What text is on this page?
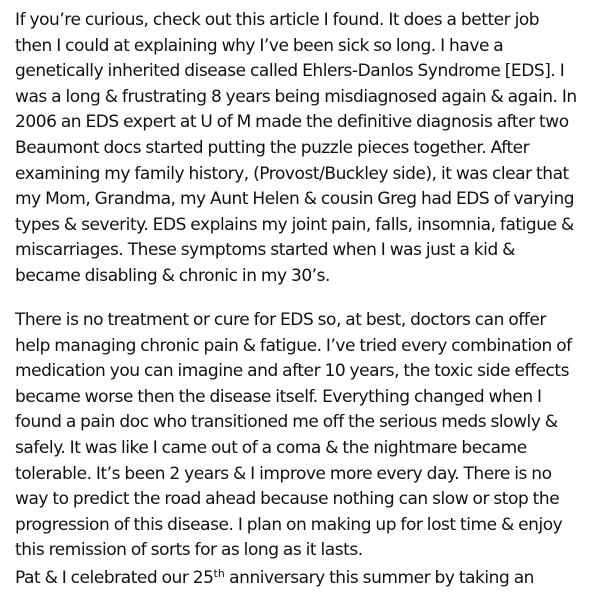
If you’re curious, check out this article I found. It does a better job
then I could at explaining why I’ve been sick so long. I have a
genetically inherited disease called Ehlers-Danlos Syndrome [EDS]. I
was a long & frustrating 8 years being misdiagnosed again & again. In
2006 an EDS expert at U of M made the definitive diagnosis after two
Beaumont docs started putting the puzzle pieces together. After
examining my family history, (Provost/Buckley side), it was clear that
my Mom, Grandma, my Aunt Helen & cousin Greg had EDS of varying
types & severity. EDS explains my joint pain, falls, insomnia, fatigue &
miscarriages. These symptoms started when I was just a kid &
became disabling & chronic in my 30’s.

There is no treatment or cure for EDS so, at best, doctors can offer
help managing chronic pain & fatigue. I’ve tried every combination of
medication you can imagine and after 10 years, the toxic side effects
became worse then the disease itself. Everything changed when I
found a pain doc who transitioned me off the serious meds slowly &
safely. It was like I came out of a coma & the nightmare became
tolerable. It’s been 2 years & I improve more every day. There is no
way to predict the road ahead because nothing can slow or stop the
progression of this disease. I plan on making up for lost time & enjoy
this remission of sorts for as long as it lasts.

Pat & I celebrated our 25th anniversary this summer by taking an
